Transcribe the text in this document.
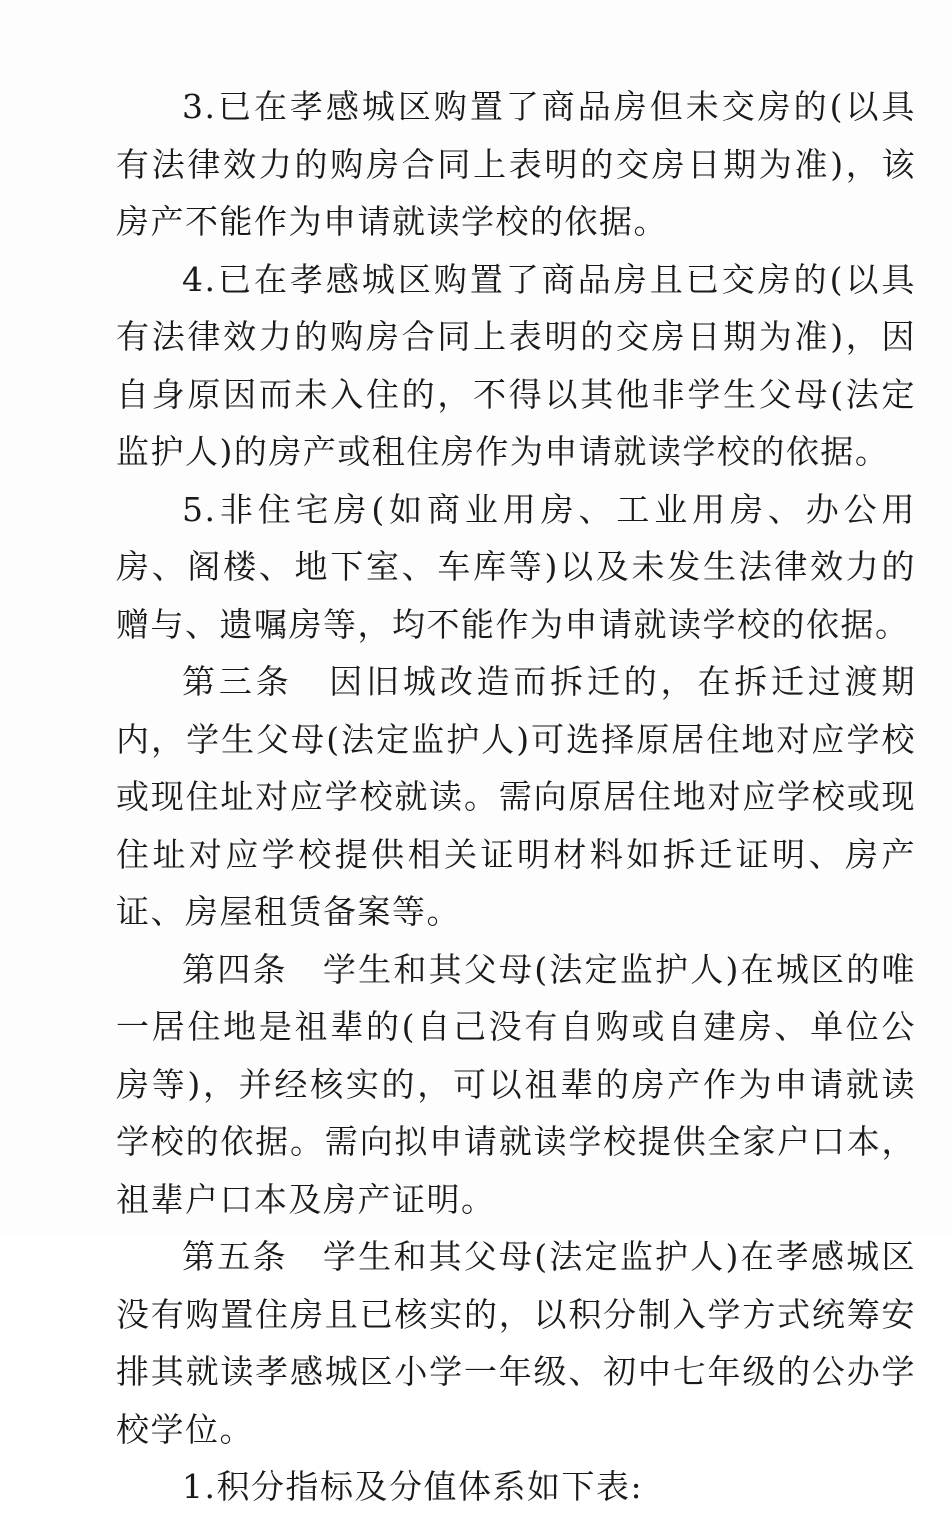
3.已在孝感城区购置了商品房但未交房的(以具有法律效力的购房合同上表明的交房日期为准)，该房产不能作为申请就读学校的依据。

4.已在孝感城区购置了商品房且已交房的(以具有法律效力的购房合同上表明的交房日期为准)，因自身原因而未入住的，不得以其他非学生父母(法定监护人)的房产或租住房作为申请就读学校的依据。

5.非住宅房(如商业用房、工业用房、办公用房、阁楼、地下室、车库等)以及未发生法律效力的赠与、遗嘱房等，均不能作为申请就读学校的依据。

第三条　因旧城改造而拆迁的，在拆迁过渡期内，学生父母(法定监护人)可选择原居住地对应学校或现住址对应学校就读。需向原居住地对应学校或现住址对应学校提供相关证明材料如拆迁证明、房产证、房屋租赁备案等。

第四条　学生和其父母(法定监护人)在城区的唯一居住地是祖辈的(自己没有自购或自建房、单位公房等)，并经核实的，可以祖辈的房产作为申请就读学校的依据。需向拟申请就读学校提供全家户口本，祖辈户口本及房产证明。

第五条　学生和其父母(法定监护人)在孝感城区没有购置住房且已核实的，以积分制入学方式统筹安排其就读孝感城区小学一年级、初中七年级的公办学校学位。

1.积分指标及分值体系如下表:
